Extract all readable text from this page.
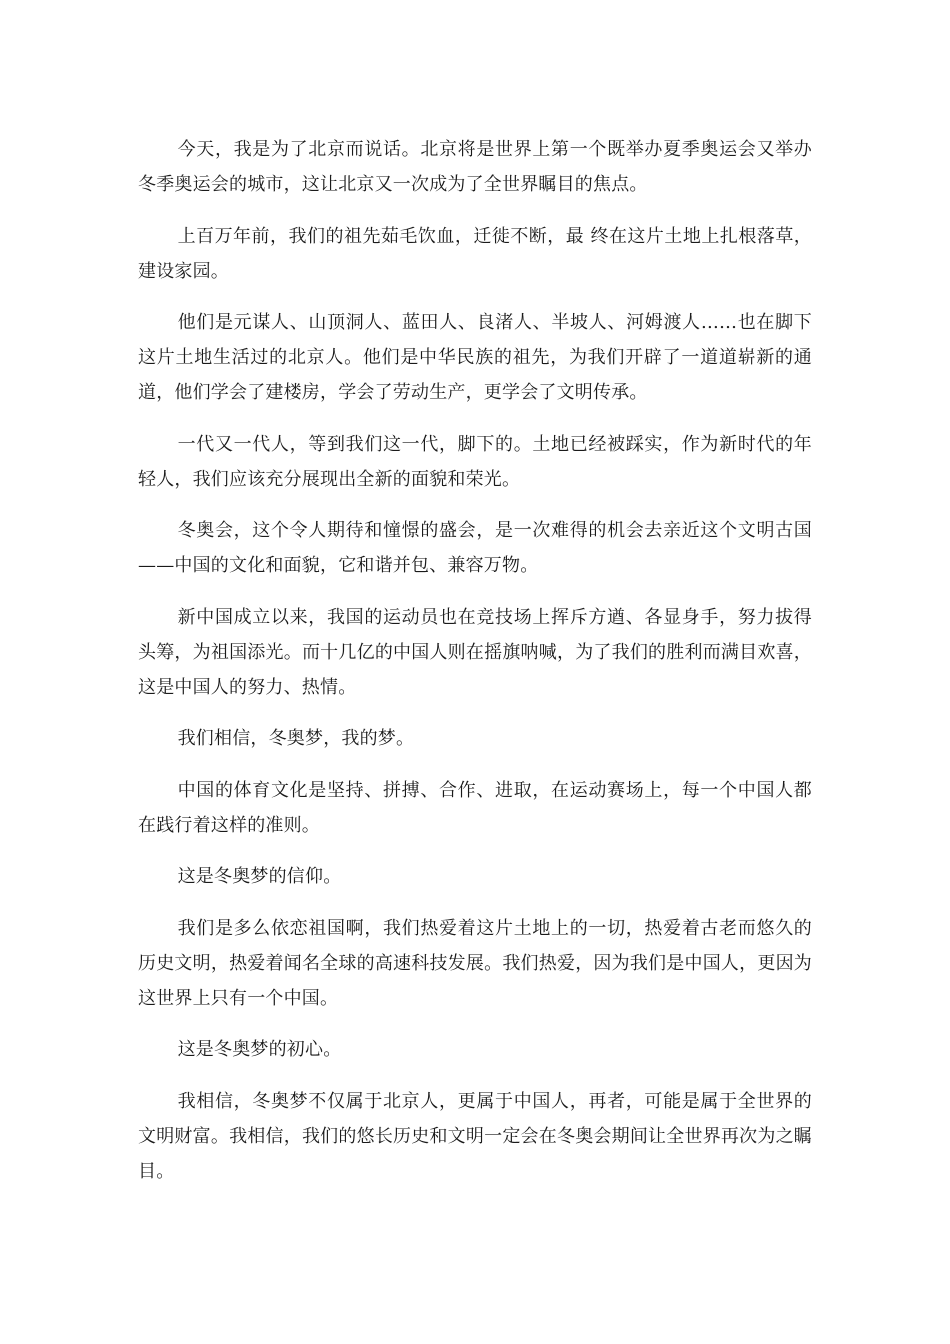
今天，我是为了北京而说话。北京将是世界上第一个既举办夏季奥运会又举办冬季奥运会的城市，这让北京又一次成为了全世界瞩目的焦点。

上百万年前，我们的祖先茹毛饮血，迁徙不断，最 终在这片土地上扎根落草，建设家园。

他们是元谋人、山顶洞人、蓝田人、良渚人、半坡人、河姆渡人……也在脚下这片土地生活过的北京人。他们是中华民族的祖先，为我们开辟了一道道崭新的通道，他们学会了建楼房，学会了劳动生产，更学会了文明传承。

一代又一代人，等到我们这一代，脚下的。土地已经被踩实，作为新时代的年轻人，我们应该充分展现出全新的面貌和荣光。

冬奥会，这个令人期待和憧憬的盛会，是一次难得的机会去亲近这个文明古国——中国的文化和面貌，它和谐并包、兼容万物。

新中国成立以来，我国的运动员也在竞技场上挥斥方遒、各显身手，努力拔得头筹，为祖国添光。而十几亿的中国人则在摇旗呐喊，为了我们的胜利而满目欢喜，这是中国人的努力、热情。

我们相信，冬奥梦，我的梦。

中国的体育文化是坚持、拼搏、合作、进取，在运动赛场上，每一个中国人都在践行着这样的准则。

这是冬奥梦的信仰。

我们是多么依恋祖国啊，我们热爱着这片土地上的一切，热爱着古老而悠久的历史文明，热爱着闻名全球的高速科技发展。我们热爱，因为我们是中国人，更因为这世界上只有一个中国。

这是冬奥梦的初心。

我相信，冬奥梦不仅属于北京人，更属于中国人，再者，可能是属于全世界的文明财富。我相信，我们的悠长历史和文明一定会在冬奥会期间让全世界再次为之瞩目。
